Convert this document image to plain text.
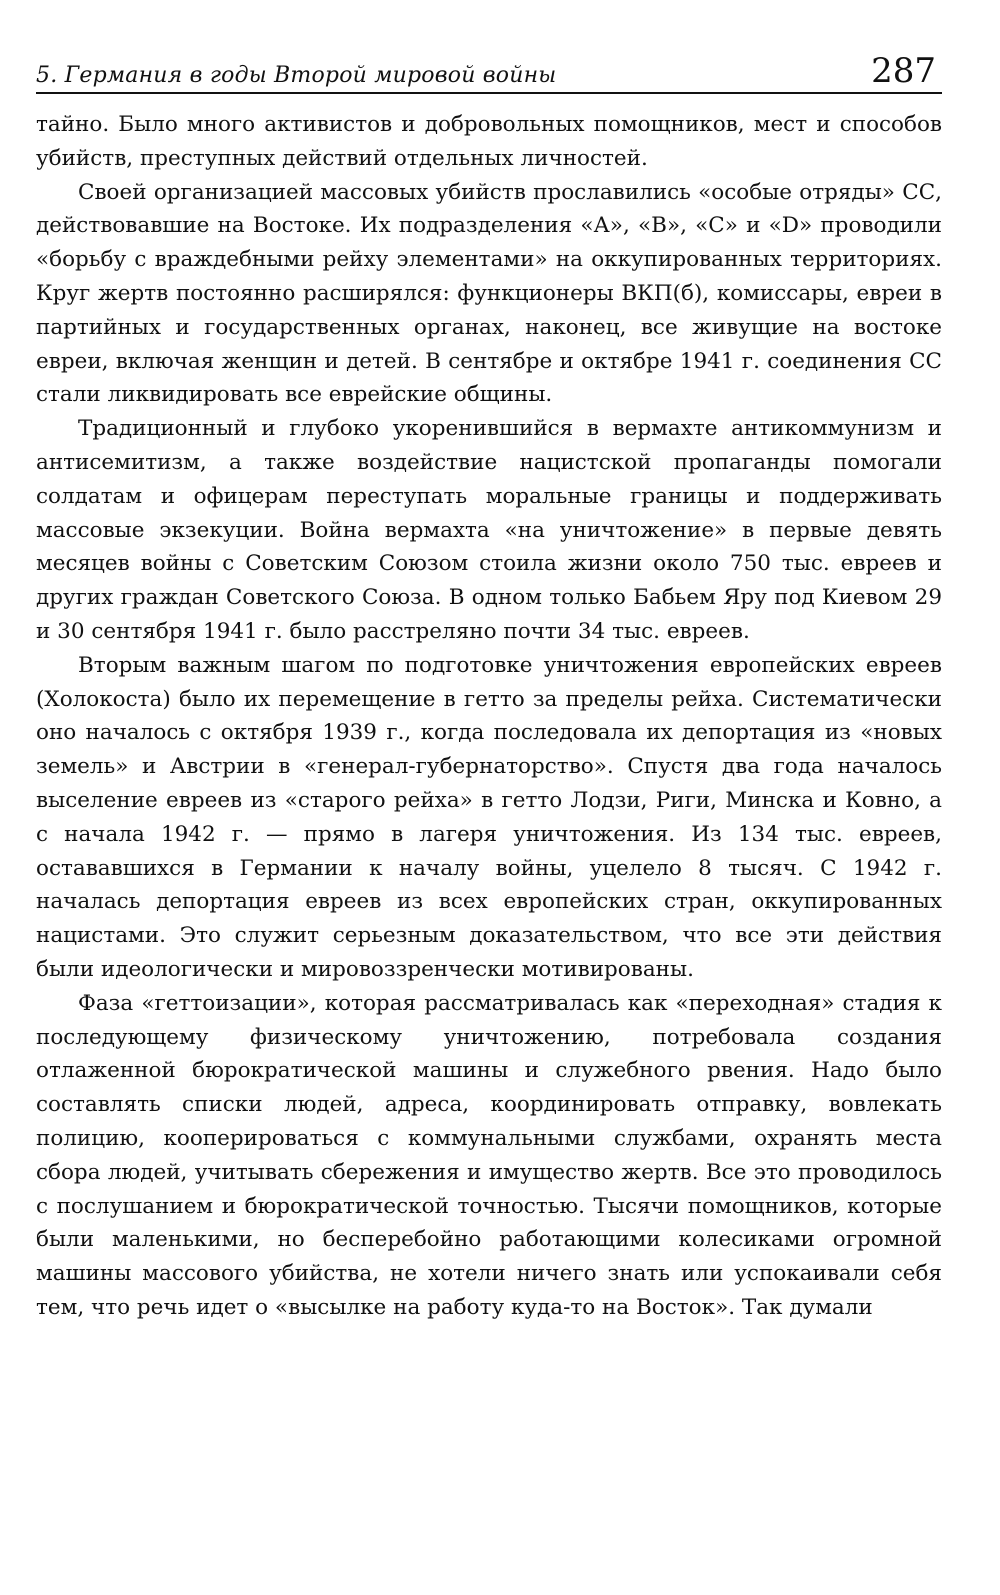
5. Германия в годы Второй мировой войны	287

тайно. Было много активистов и добровольных помощников, мест и способов убийств, преступных действий отдельных личностей.

Своей организацией массовых убийств прославились «особые отряды» СС, действовавшие на Востоке. Их подразделения «А», «В», «С» и «D» проводили «борьбу с враждебными рейху элементами» на оккупированных территориях. Круг жертв постоянно расширялся: функционеры ВКП(б), комиссары, евреи в партийных и государственных органах, наконец, все живущие на востоке евреи, включая женщин и детей. В сентябре и октябре 1941 г. соединения СС стали ликвидировать все еврейские общины.

Традиционный и глубоко укоренившийся в вермахте антикоммунизм и антисемитизм, а также воздействие нацистской пропаганды помогали солдатам и офицерам переступать моральные границы и поддерживать массовые экзекуции. Война вермахта «на уничтожение» в первые девять месяцев войны с Советским Союзом стоила жизни около 750 тыс. евреев и других граждан Советского Союза. В одном только Бабьем Яру под Киевом 29 и 30 сентября 1941 г. было расстреляно почти 34 тыс. евреев.

Вторым важным шагом по подготовке уничтожения европейских евреев (Холокоста) было их перемещение в гетто за пределы рейха. Систематически оно началось с октября 1939 г., когда последовала их депортация из «новых земель» и Австрии в «генерал-губернаторство». Спустя два года началось выселение евреев из «старого рейха» в гетто Лодзи, Риги, Минска и Ковно, а с начала 1942 г. — прямо в лагеря уничтожения. Из 134 тыс. евреев, остававшихся в Германии к началу войны, уцелело 8 тысяч. С 1942 г. началась депортация евреев из всех европейских стран, оккупированных нацистами. Это служит серьезным доказательством, что все эти действия были идеологически и мировоззренчески мотивированы.

Фаза «геттоизации», которая рассматривалась как «переходная» стадия к последующему физическому уничтожению, потребовала создания отлаженной бюрократической машины и служебного рвения. Надо было составлять списки людей, адреса, координировать отправку, вовлекать полицию, кооперироваться с коммунальными службами, охранять места сбора людей, учитывать сбережения и имущество жертв. Все это проводилось с послушанием и бюрократической точностью. Тысячи помощников, которые были маленькими, но бесперебойно работающими колесиками огромной машины массового убийства, не хотели ничего знать или успокаивали себя тем, что речь идет о «высылке на работу куда-то на Восток». Так думали
